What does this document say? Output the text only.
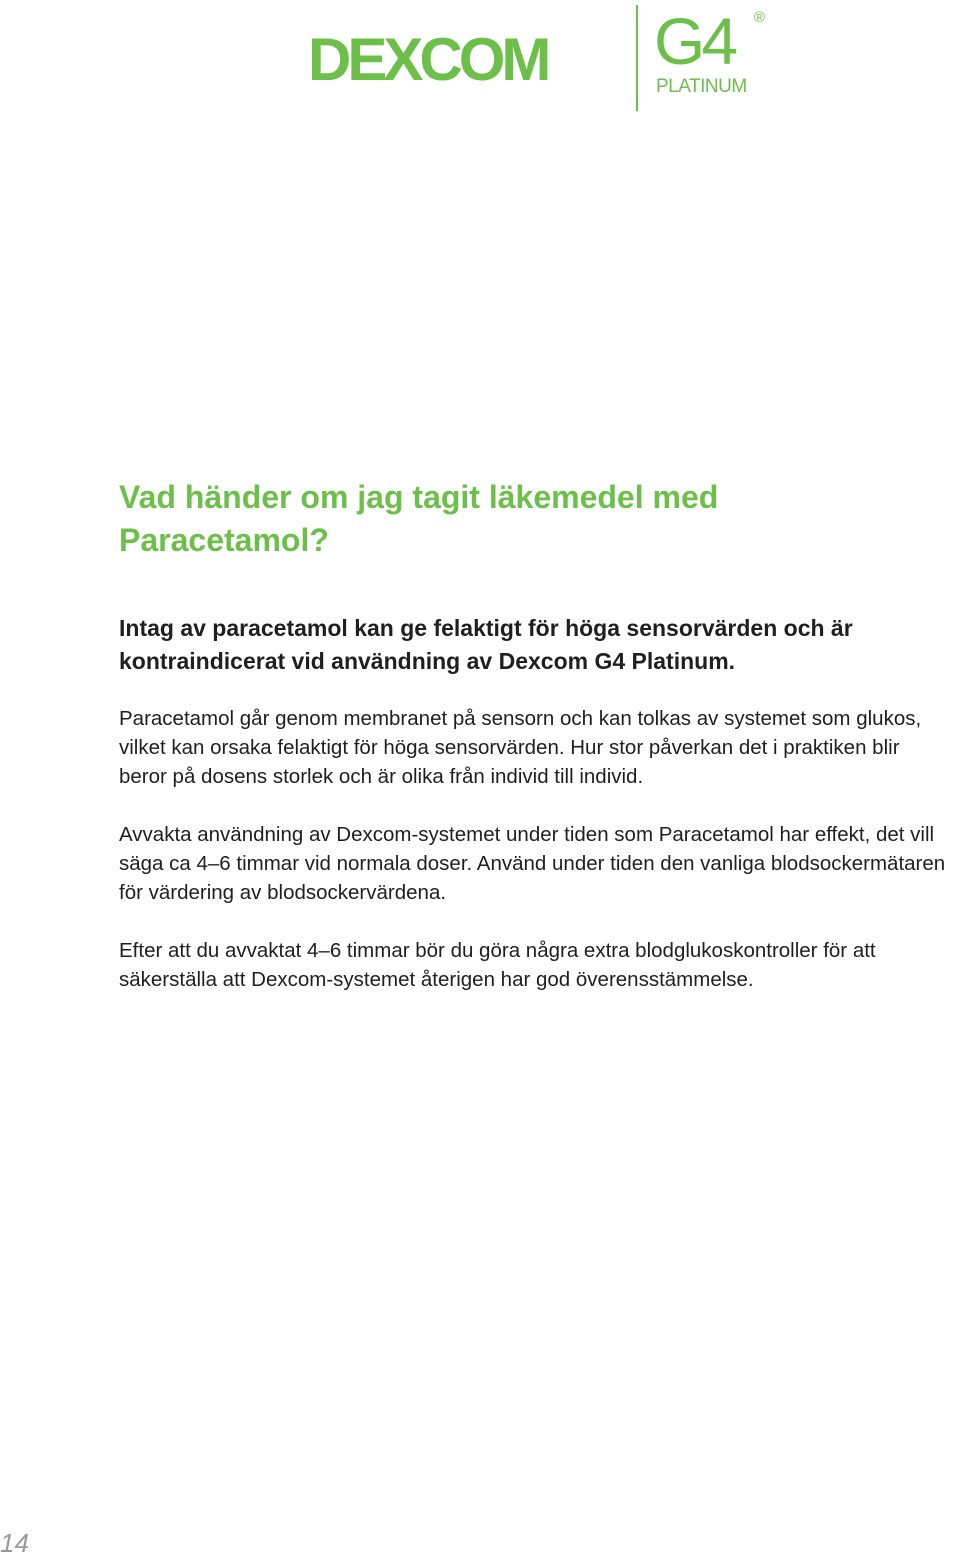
DEXCOM G4 ®
PLATINUM
Vad händer om jag tagit läkemedel med Paracetamol?

Intag av paracetamol kan ge felaktigt för höga sensorvärden och är kontraindicerat vid användning av Dexcom G4 Platinum.

Paracetamol går genom membranet på sensorn och kan tolkas av systemet som glukos, vilket kan orsaka felaktigt för höga sensorvärden. Hur stor påverkan det i praktiken blir beror på dosens storlek och är olika från individ till individ.

Avvakta användning av Dexcom-systemet under tiden som Paracetamol har effekt, det vill säga ca 4–6 timmar vid normala doser. Använd under tiden den vanliga blodsockermätaren för värdering av blodsockervärdena.

Efter att du avvaktat 4–6 timmar bör du göra några extra blodglukoskontroller för att säkerställa att Dexcom-systemet återigen har god överensstämmelse.

14
